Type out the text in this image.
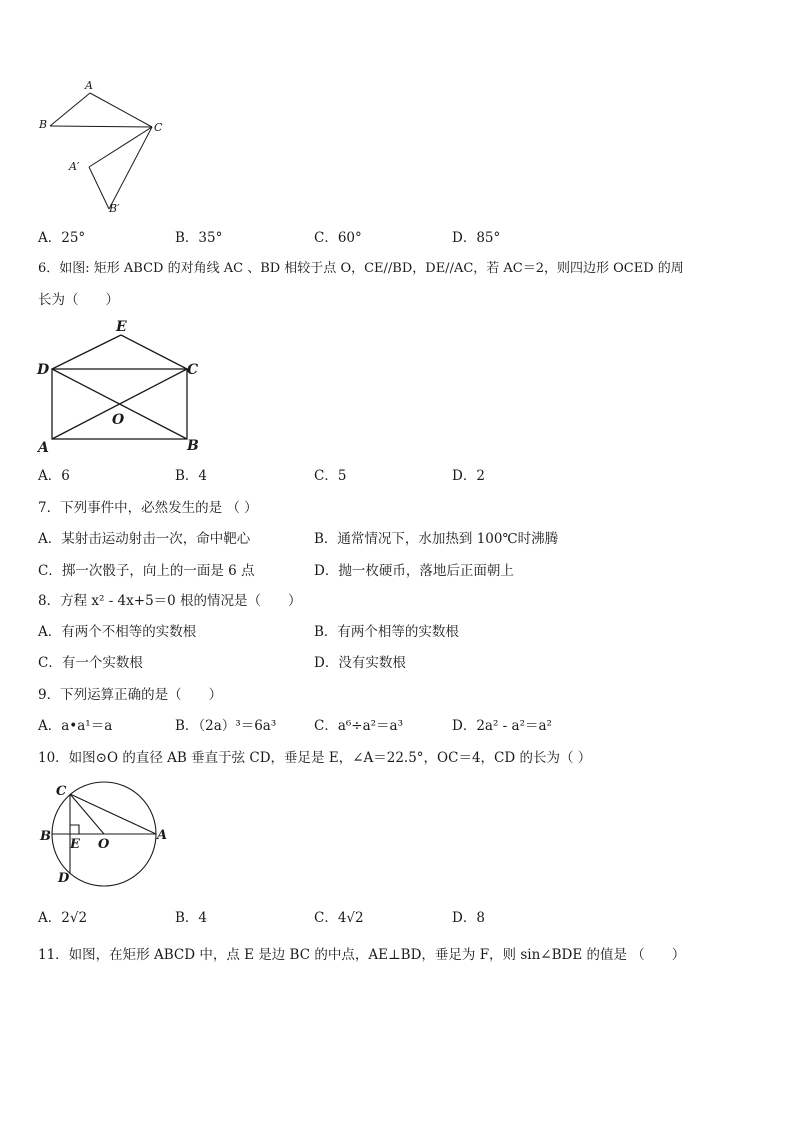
A
B	C
A′
B′
A．25°	B．35°	C．60°	D．85°
6．如图: 矩形 ABCD 的对角线 AC 、BD 相较于点 O，CE//BD，DE//AC，若 AC＝2，则四边形 OCED 的周
长为（　　）
E
D	C
O
A	B
A．6	B．4	C．5	D．2
7．下列事件中，必然发生的是 （ ）
A．某射击运动射击一次，命中靶心	B．通常情况下，水加热到 100℃时沸腾
C．掷一次骰子，向上的一面是 6 点	D．抛一枚硬币，落地后正面朝上
8．方程 x² - 4x+5＝0 根的情况是（　　）
A．有两个不相等的实数根	B．有两个相等的实数根
C．有一个实数根	D．没有实数根
9．下列运算正确的是（　　）
A．a•a¹＝a	B．（2a）³＝6a³	C．a⁶÷a²＝a³	D．2a² - a²＝a²
10．如图⊙O 的直径 AB 垂直于弦 CD，垂足是 E，∠A＝22.5°，OC＝4，CD 的长为（ ）
C
B
E O
A
D
A．2√2	B．4	C．4√2	D．8
11．如图，在矩形 ABCD 中，点 E 是边 BC 的中点，AE⊥BD，垂足为 F，则 sin∠BDE 的值是 （　　）
